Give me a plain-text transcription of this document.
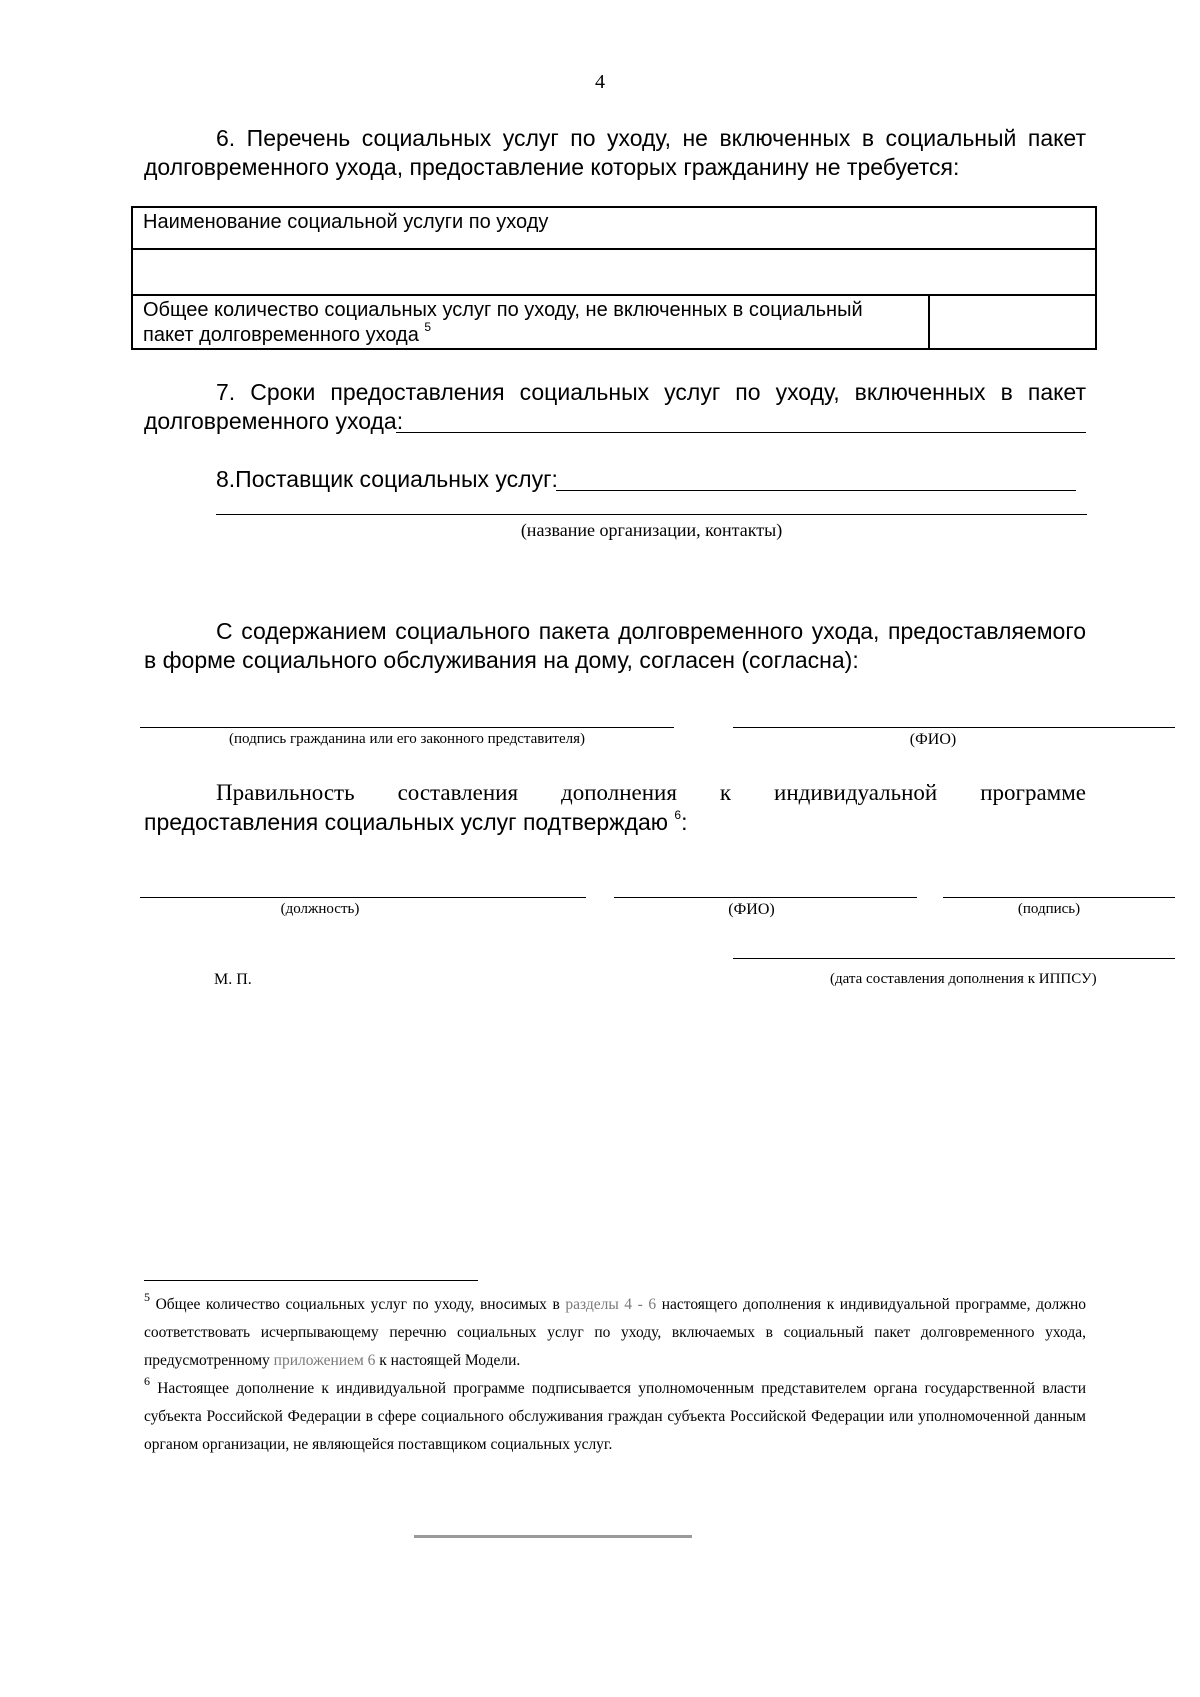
4
6. Перечень социальных услуг по уходу, не включенных в социальный пакет долговременного ухода, предоставление которых гражданину не требуется:
Наименование социальной услуги по уходу

Общее количество социальных услуг по уходу, не включенных в социальный пакет долговременного ухода $^5$	
7. Сроки предоставления социальных услуг по уходу, включенных в пакет долговременного ухода:
8.Поставщик социальных услуг:
(название организации, контакты)
С содержанием социального пакета долговременного ухода, предоставляемого в форме социального обслуживания на дому, согласен (согласна):
(подпись гражданина или его законного представителя)	(ФИО)
Правильность составления дополнения к индивидуальной программе
предоставления социальных услуг подтверждаю $^6$:
(должность)	(ФИО)	(подпись)
М. П.	(дата составления дополнения к ИППСУ)
$^5$ Общее количество социальных услуг по уходу, вносимых в разделы 4 - 6 настоящего дополнения к индивидуальной программе, должно соответствовать исчерпывающему перечню социальных услуг по уходу, включаемых в социальный пакет долговременного ухода, предусмотренному приложением 6 к настоящей Модели.
$^6$ Настоящее дополнение к индивидуальной программе подписывается уполномоченным представителем органа государственной власти субъекта Российской Федерации в сфере социального обслуживания граждан субъекта Российской Федерации или уполномоченной данным органом организации, не являющейся поставщиком социальных услуг.
